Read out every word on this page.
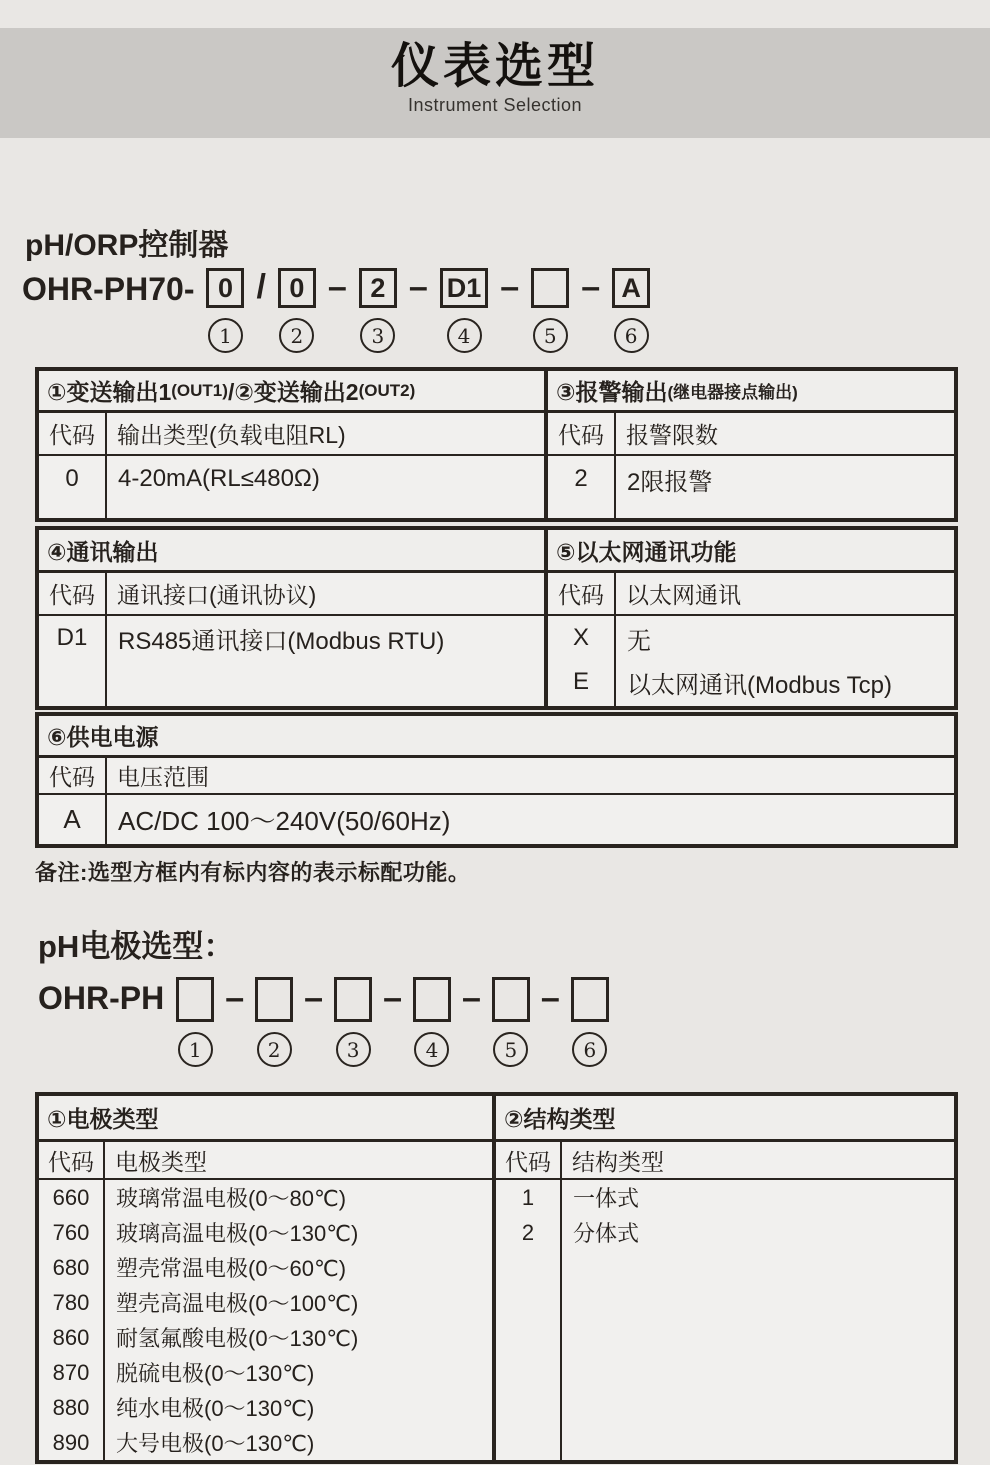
仪表选型
Instrument Selection
pH/ORP控制器
OHR-PH70- 0
1
/ 0
2
– 2
3
– D1
4
–
5
– A
6
①变送输出1 (OUT1) /②变送输出2 (OUT2)
代码 输出类型(负载电阻RL)
0 4-20mA(RL≤480Ω)
③报警输出 (继电器接点输出)
代码 报警限数
2 2限报警
④通讯输出
代码 通讯接口(通讯协议)
D1 RS485通讯接口(Modbus RTU)
⑤以太网通讯功能
代码 以太网通讯
X
E
无
以太网通讯(Modbus Tcp)
⑥供电电源
代码 电压范围
A AC/DC 100～240V(50/60Hz)
备注:选型方框内有标内容的表示标配功能。
pH电极选型：
OHR-PH
1
–
2
–
3
–
4
–
5
–
6
①电极类型
代码 电极类型
660
760
680
780
860
870
880
890
玻璃常温电极(0～80℃)
玻璃高温电极(0～130℃)
塑壳常温电极(0～60℃)
塑壳高温电极(0～100℃)
耐氢氟酸电极(0～130℃)
脱硫电极(0～130℃)
纯水电极(0～130℃)
大号电极(0～130℃)
②结构类型
代码 结构类型
1
2
一体式
分体式
